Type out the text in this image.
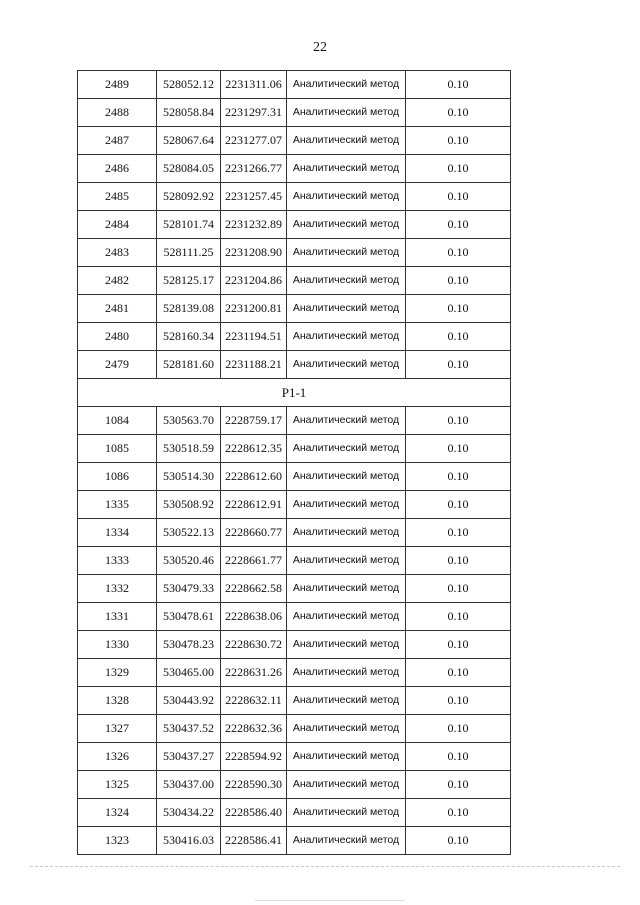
22
2489	528052.12	2231311.06	Аналитический метод	0.10
2488	528058.84	2231297.31	Аналитический метод	0.10
2487	528067.64	2231277.07	Аналитический метод	0.10
2486	528084.05	2231266.77	Аналитический метод	0.10
2485	528092.92	2231257.45	Аналитический метод	0.10
2484	528101.74	2231232.89	Аналитический метод	0.10
2483	528111.25	2231208.90	Аналитический метод	0.10
2482	528125.17	2231204.86	Аналитический метод	0.10
2481	528139.08	2231200.81	Аналитический метод	0.10
2480	528160.34	2231194.51	Аналитический метод	0.10
2479	528181.60	2231188.21	Аналитический метод	0.10
Р1-1				
1084	530563.70	2228759.17	Аналитический метод	0.10
1085	530518.59	2228612.35	Аналитический метод	0.10
1086	530514.30	2228612.60	Аналитический метод	0.10
1335	530508.92	2228612.91	Аналитический метод	0.10
1334	530522.13	2228660.77	Аналитический метод	0.10
1333	530520.46	2228661.77	Аналитический метод	0.10
1332	530479.33	2228662.58	Аналитический метод	0.10
1331	530478.61	2228638.06	Аналитический метод	0.10
1330	530478.23	2228630.72	Аналитический метод	0.10
1329	530465.00	2228631.26	Аналитический метод	0.10
1328	530443.92	2228632.11	Аналитический метод	0.10
1327	530437.52	2228632.36	Аналитический метод	0.10
1326	530437.27	2228594.92	Аналитический метод	0.10
1325	530437.00	2228590.30	Аналитический метод	0.10
1324	530434.22	2228586.40	Аналитический метод	0.10
1323	530416.03	2228586.41	Аналитический метод	0.10
